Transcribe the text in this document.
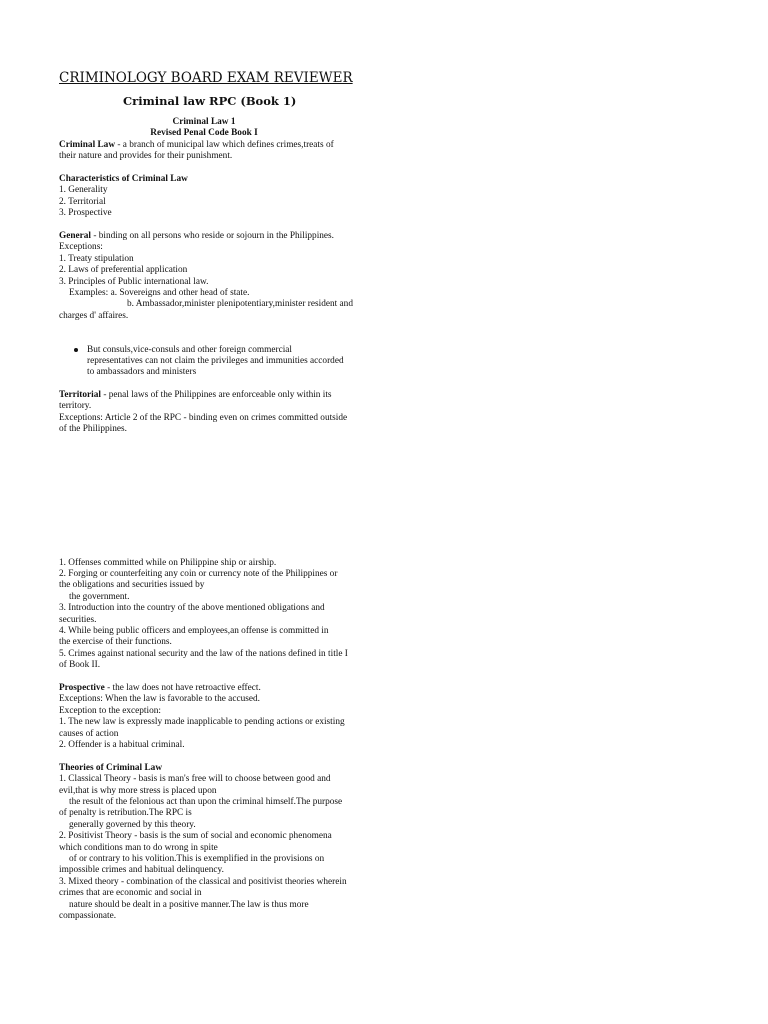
CRIMINOLOGY BOARD EXAM REVIEWER
Criminal law RPC (Book 1)
Criminal Law 1
Revised Penal Code Book I
Criminal Law - a branch of municipal law which defines crimes,treats of
their nature and provides for their punishment.
Characteristics of Criminal Law
1. Generality
2. Territorial
3. Prospective
General - binding on all persons who reside or sojourn in the Philippines.
Exceptions:
1. Treaty stipulation
2. Laws of preferential application
3. Principles of Public international law.
Examples: a. Sovereigns and other head of state.
b. Ambassador,minister plenipotentiary,minister resident and
charges d' affaires.
But consuls,vice-consuls and other foreign commercial
representatives can not claim the privileges and immunities accorded
to ambassadors and ministers
Territorial - penal laws of the Philippines are enforceable only within its
territory.
Exceptions: Article 2 of the RPC - binding even on crimes committed outside
of the Philippines.
1. Offenses committed while on Philippine ship or airship.
2. Forging or counterfeiting any coin or currency note of the Philippines or
the obligations and securities issued by
the government.
3. Introduction into the country of the above mentioned obligations and
securities.
4. While being public officers and employees,an offense is committed in
the exercise of their functions.
5. Crimes against national security and the law of the nations defined in title I
of Book II.
Prospective - the law does not have retroactive effect.
Exceptions: When the law is favorable to the accused.
Exception to the exception:
1. The new law is expressly made inapplicable to pending actions or existing
causes of action
2. Offender is a habitual criminal.
Theories of Criminal Law
1. Classical Theory - basis is man's free will to choose between good and
evil,that is why more stress is placed upon
the result of the felonious act than upon the criminal himself.The purpose
of penalty is retribution.The RPC is
generally governed by this theory.
2. Positivist Theory - basis is the sum of social and economic phenomena
which conditions man to do wrong in spite
of or contrary to his volition.This is exemplified in the provisions on
impossible crimes and habitual delinquency.
3. Mixed theory - combination of the classical and positivist theories wherein
crimes that are economic and social in
nature should be dealt in a positive manner.The law is thus more
compassionate.
